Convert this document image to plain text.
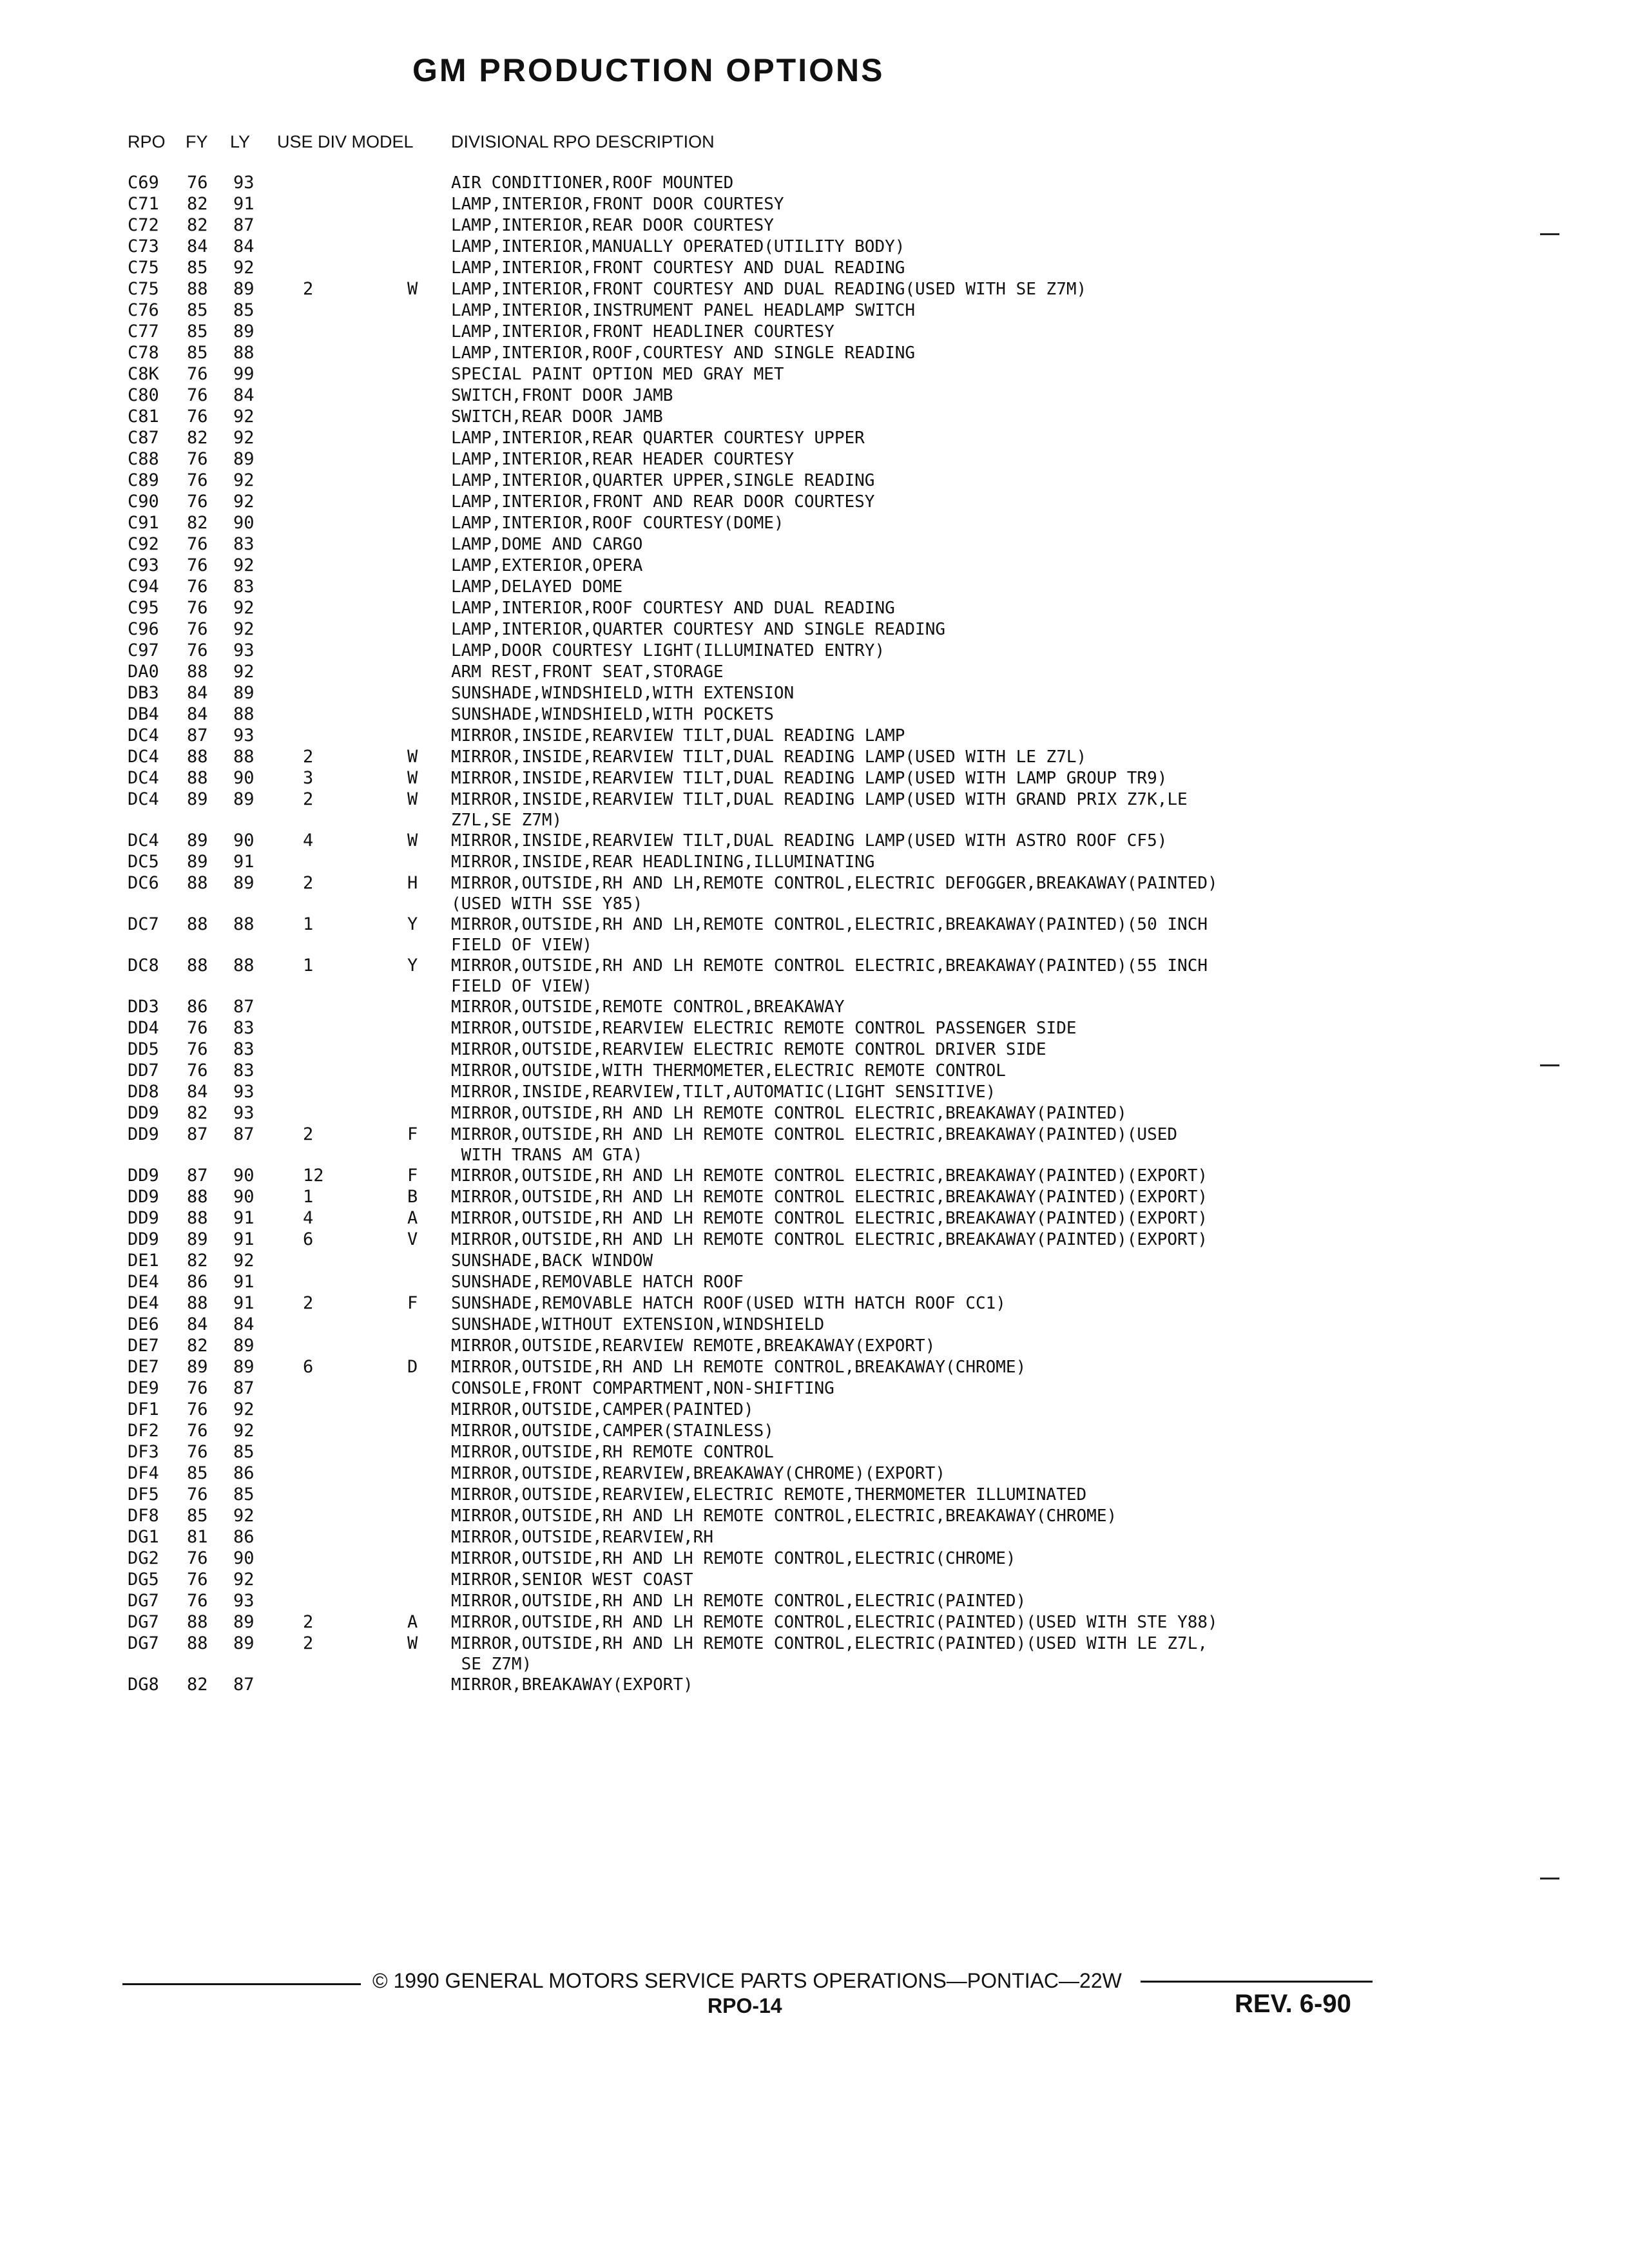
GM PRODUCTION OPTIONS
RPO FY LY USE DIV MODEL DIVISIONAL RPO DESCRIPTION
C69 76 93	AIR CONDITIONER,ROOF MOUNTED
C71 82 91	LAMP,INTERIOR,FRONT DOOR COURTESY
C72 82 87	LAMP,INTERIOR,REAR DOOR COURTESY
C73 84 84	LAMP,INTERIOR,MANUALLY OPERATED(UTILITY BODY)
C75 85 92	LAMP,INTERIOR,FRONT COURTESY AND DUAL READING
C75 88 89	2	W LAMP,INTERIOR,FRONT COURTESY AND DUAL READING(USED WITH SE Z7M)
C76 85 85	LAMP,INTERIOR,INSTRUMENT PANEL HEADLAMP SWITCH
C77 85 89	LAMP,INTERIOR,FRONT HEADLINER COURTESY
C78 85 88	LAMP,INTERIOR,ROOF,COURTESY AND SINGLE READING
C8K 76 99	SPECIAL PAINT OPTION MED GRAY MET
C80 76 84	SWITCH,FRONT DOOR JAMB
C81 76 92	SWITCH,REAR DOOR JAMB
C87 82 92	LAMP,INTERIOR,REAR QUARTER COURTESY UPPER
C88 76 89	LAMP,INTERIOR,REAR HEADER COURTESY
C89 76 92	LAMP,INTERIOR,QUARTER UPPER,SINGLE READING
C90 76 92	LAMP,INTERIOR,FRONT AND REAR DOOR COURTESY
C91 82 90	LAMP,INTERIOR,ROOF COURTESY(DOME)
C92 76 83	LAMP,DOME AND CARGO
C93 76 92	LAMP,EXTERIOR,OPERA
C94 76 83	LAMP,DELAYED DOME
C95 76 92	LAMP,INTERIOR,ROOF COURTESY AND DUAL READING
C96 76 92	LAMP,INTERIOR,QUARTER COURTESY AND SINGLE READING
C97 76 93	LAMP,DOOR COURTESY LIGHT(ILLUMINATED ENTRY)
DA0 88 92	ARM REST,FRONT SEAT,STORAGE
DB3 84 89	SUNSHADE,WINDSHIELD,WITH EXTENSION
DB4 84 88	SUNSHADE,WINDSHIELD,WITH POCKETS
DC4 87 93	MIRROR,INSIDE,REARVIEW TILT,DUAL READING LAMP
DC4 88 88	2	W MIRROR,INSIDE,REARVIEW TILT,DUAL READING LAMP(USED WITH LE Z7L)
DC4 88 90	3	W MIRROR,INSIDE,REARVIEW TILT,DUAL READING LAMP(USED WITH LAMP GROUP TR9)
DC4 89 89	2	W MIRROR,INSIDE,REARVIEW TILT,DUAL READING LAMP(USED WITH GRAND PRIX Z7K,LE
Z7L,SE Z7M)
DC4 89 90	4	W MIRROR,INSIDE,REARVIEW TILT,DUAL READING LAMP(USED WITH ASTRO ROOF CF5)
DC5 89 91	MIRROR,INSIDE,REAR HEADLINING,ILLUMINATING
DC6 88 89	2	H MIRROR,OUTSIDE,RH AND LH,REMOTE CONTROL,ELECTRIC DEFOGGER,BREAKAWAY(PAINTED)
(USED WITH SSE Y85)
DC7 88 88	1	Y MIRROR,OUTSIDE,RH AND LH,REMOTE CONTROL,ELECTRIC,BREAKAWAY(PAINTED)(50 INCH
FIELD OF VIEW)
DC8 88 88	1	Y MIRROR,OUTSIDE,RH AND LH REMOTE CONTROL ELECTRIC,BREAKAWAY(PAINTED)(55 INCH
FIELD OF VIEW)
DD3 86 87	MIRROR,OUTSIDE,REMOTE CONTROL,BREAKAWAY
DD4 76 83	MIRROR,OUTSIDE,REARVIEW ELECTRIC REMOTE CONTROL PASSENGER SIDE
DD5 76 83	MIRROR,OUTSIDE,REARVIEW ELECTRIC REMOTE CONTROL DRIVER SIDE
DD7 76 83	MIRROR,OUTSIDE,WITH THERMOMETER,ELECTRIC REMOTE CONTROL
DD8 84 93	MIRROR,INSIDE,REARVIEW,TILT,AUTOMATIC(LIGHT SENSITIVE)
DD9 82 93	MIRROR,OUTSIDE,RH AND LH REMOTE CONTROL ELECTRIC,BREAKAWAY(PAINTED)
DD9 87 87	2	F MIRROR,OUTSIDE,RH AND LH REMOTE CONTROL ELECTRIC,BREAKAWAY(PAINTED)(USED
WITH TRANS AM GTA)
DD9 87 90	12	F MIRROR,OUTSIDE,RH AND LH REMOTE CONTROL ELECTRIC,BREAKAWAY(PAINTED)(EXPORT)
DD9 88 90	1	B MIRROR,OUTSIDE,RH AND LH REMOTE CONTROL ELECTRIC,BREAKAWAY(PAINTED)(EXPORT)
DD9 88 91	4	A MIRROR,OUTSIDE,RH AND LH REMOTE CONTROL ELECTRIC,BREAKAWAY(PAINTED)(EXPORT)
DD9 89 91	6	V MIRROR,OUTSIDE,RH AND LH REMOTE CONTROL ELECTRIC,BREAKAWAY(PAINTED)(EXPORT)
DE1 82 92	SUNSHADE,BACK WINDOW
DE4 86 91	SUNSHADE,REMOVABLE HATCH ROOF
DE4 88 91	2	F SUNSHADE,REMOVABLE HATCH ROOF(USED WITH HATCH ROOF CC1)
DE6 84 84	SUNSHADE,WITHOUT EXTENSION,WINDSHIELD
DE7 82 89	MIRROR,OUTSIDE,REARVIEW REMOTE,BREAKAWAY(EXPORT)
DE7 89 89	6	D MIRROR,OUTSIDE,RH AND LH REMOTE CONTROL,BREAKAWAY(CHROME)
DE9 76 87	CONSOLE,FRONT COMPARTMENT,NON-SHIFTING
DF1 76 92	MIRROR,OUTSIDE,CAMPER(PAINTED)
DF2 76 92	MIRROR,OUTSIDE,CAMPER(STAINLESS)
DF3 76 85	MIRROR,OUTSIDE,RH REMOTE CONTROL
DF4 85 86	MIRROR,OUTSIDE,REARVIEW,BREAKAWAY(CHROME)(EXPORT)
DF5 76 85	MIRROR,OUTSIDE,REARVIEW,ELECTRIC REMOTE,THERMOMETER ILLUMINATED
DF8 85 92	MIRROR,OUTSIDE,RH AND LH REMOTE CONTROL,ELECTRIC,BREAKAWAY(CHROME)
DG1 81 86	MIRROR,OUTSIDE,REARVIEW,RH
DG2 76 90	MIRROR,OUTSIDE,RH AND LH REMOTE CONTROL,ELECTRIC(CHROME)
DG5 76 92	MIRROR,SENIOR WEST COAST
DG7 76 93	MIRROR,OUTSIDE,RH AND LH REMOTE CONTROL,ELECTRIC(PAINTED)
DG7 88 89	2	A MIRROR,OUTSIDE,RH AND LH REMOTE CONTROL,ELECTRIC(PAINTED)(USED WITH STE Y88)
DG7 88 89	2	W MIRROR,OUTSIDE,RH AND LH REMOTE CONTROL,ELECTRIC(PAINTED)(USED WITH LE Z7L,
SE Z7M)
DG8 82 87	MIRROR,BREAKAWAY(EXPORT)
© 1990 GENERAL MOTORS SERVICE PARTS OPERATIONS—PONTIAC—22W
RPO-14	REV. 6-90
